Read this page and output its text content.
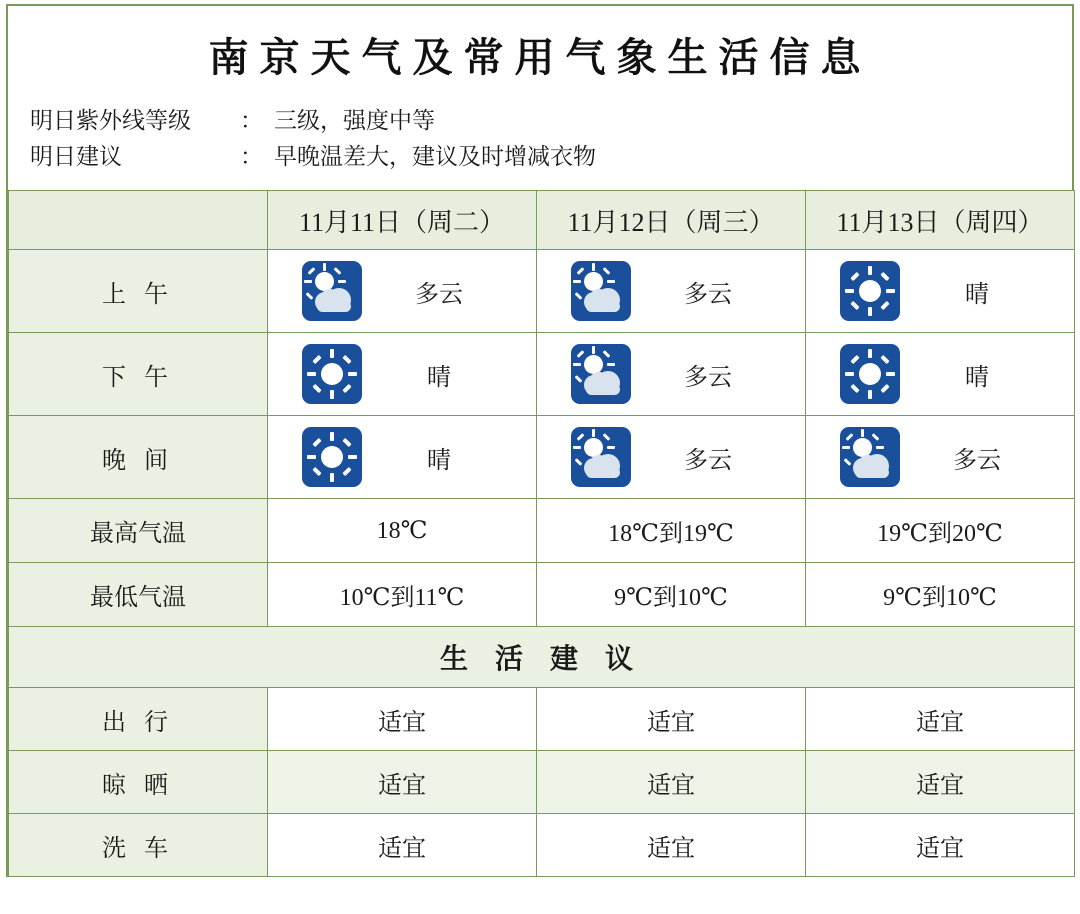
南京天气及常用气象生活信息
明日紫外线等级	： 三级，强度中等
明日建议	： 早晚温差大，建议及时增减衣物
	11月11日（周二）	11月12日（周三）	11月13日（周四）
上 午	多云	多云	晴

下 午	晴	多云	晴

晚 间	晴	多云	多云

最高气温	18℃	18℃到19℃	19℃到20℃
最低气温	10℃到11℃	9℃到10℃	9℃到10℃
生 活 建 议			
出 行	适宜	适宜	适宜
晾 晒	适宜	适宜	适宜
洗 车	适宜	适宜	适宜
